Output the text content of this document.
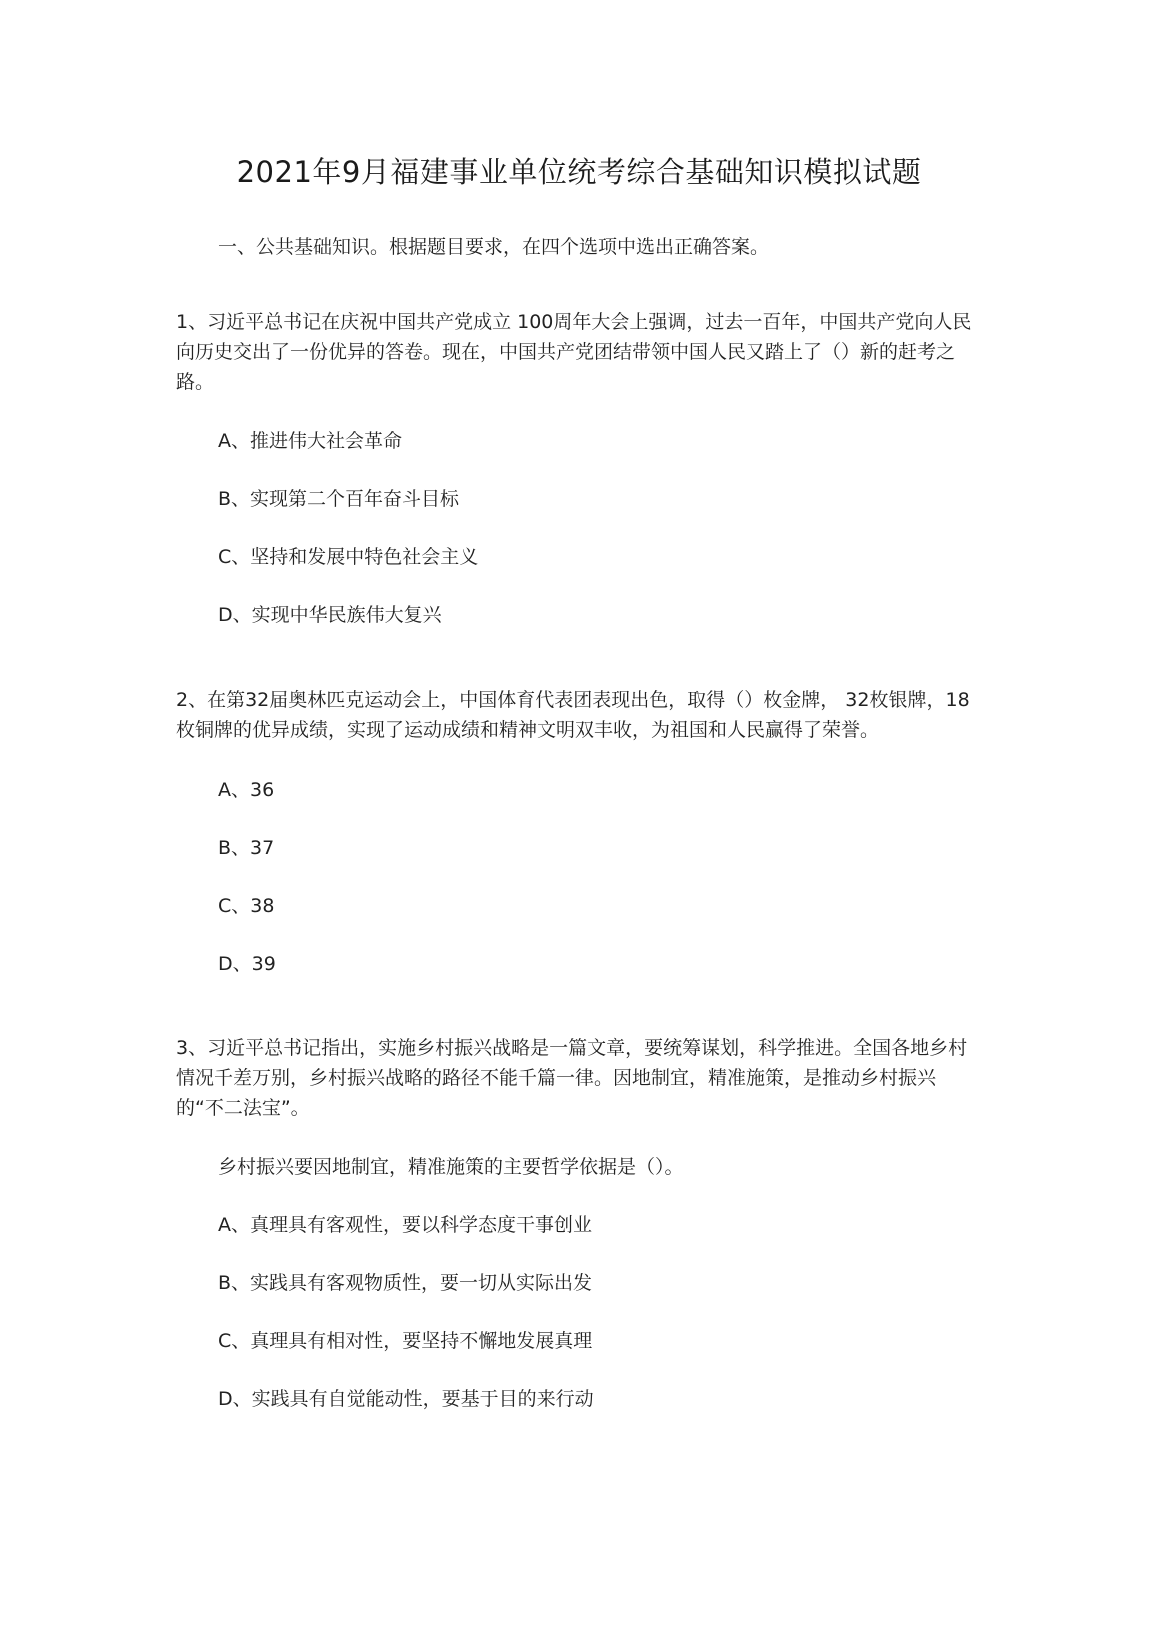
2021年9月福建事业单位统考综合基础知识模拟试题

一、公共基础知识。根据题目要求，在四个选项中选出正确答案。

1、习近平总书记在庆祝中国共产党成立 100周年大会上强调，过去一百年，中国共产党向人民向历史交出了一份优异的答卷。现在，中国共产党团结带领中国人民又踏上了（）新的赶考之路。

A、推进伟大社会革命

B、实现第二个百年奋斗目标

C、坚持和发展中特色社会主义

D、实现中华民族伟大复兴

2、在第32届奥林匹克运动会上，中国体育代表团表现出色，取得（）枚金牌， 32枚银牌，18枚铜牌的优异成绩，实现了运动成绩和精神文明双丰收，为祖国和人民赢得了荣誉。

A、36

B、37

C、38

D、39

3、习近平总书记指出，实施乡村振兴战略是一篇文章，要统筹谋划，科学推进。全国各地乡村情况千差万别，乡村振兴战略的路径不能千篇一律。因地制宜，精准施策，是推动乡村振兴的“不二法宝”。

乡村振兴要因地制宜，精准施策的主要哲学依据是（）。

A、真理具有客观性，要以科学态度干事创业

B、实践具有客观物质性，要一切从实际出发

C、真理具有相对性，要坚持不懈地发展真理

D、实践具有自觉能动性，要基于目的来行动
